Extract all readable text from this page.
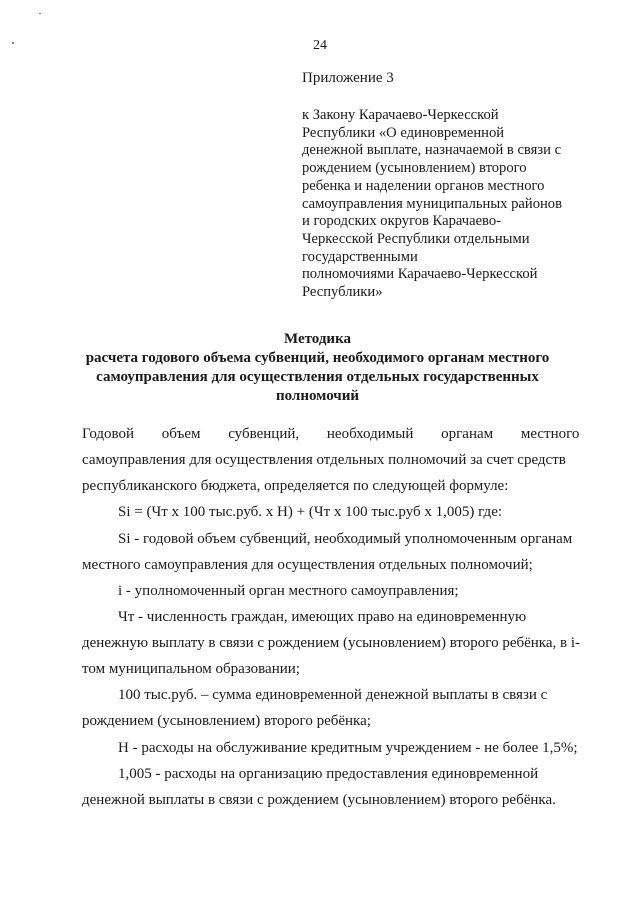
24
Приложение 3
к Закону Карачаево-Черкесской
Республики «О единовременной
денежной выплате, назначаемой в связи с
рождением (усыновлением) второго
ребенка и наделении органов местного
самоуправления муниципальных районов
и городских округов Карачаево-
Черкесской Республики отдельными
государственными
полномочиями Карачаево-Черкесской
Республики»
Методика
расчета годового объема субвенций, необходимого органам местного
самоуправления для осуществления отдельных государственных
полномочий
Годовой объем субвенций, необходимый органам местного
самоуправления для осуществления отдельных полномочий за счет средств
республиканского бюджета, определяется по следующей формуле:
Si = (Чт х 100 тыс.руб. х Н) + (Чт х 100 тыс.руб х 1,005) где:
Si - годовой объем субвенций, необходимый уполномоченным органам
местного самоуправления для осуществления отдельных полномочий;
i - уполномоченный орган местного самоуправления;
Чт - численность граждан, имеющих право на единовременную
денежную выплату в связи с рождением (усыновлением) второго ребёнка, в i-
том муниципальном образовании;
100 тыс.руб. – сумма единовременной денежной выплаты в связи с
рождением (усыновлением) второго ребёнка;
Н - расходы на обслуживание кредитным учреждением - не более 1,5%;
1,005 - расходы на организацию предоставления единовременной
денежной выплаты в связи с рождением (усыновлением) второго ребёнка.
